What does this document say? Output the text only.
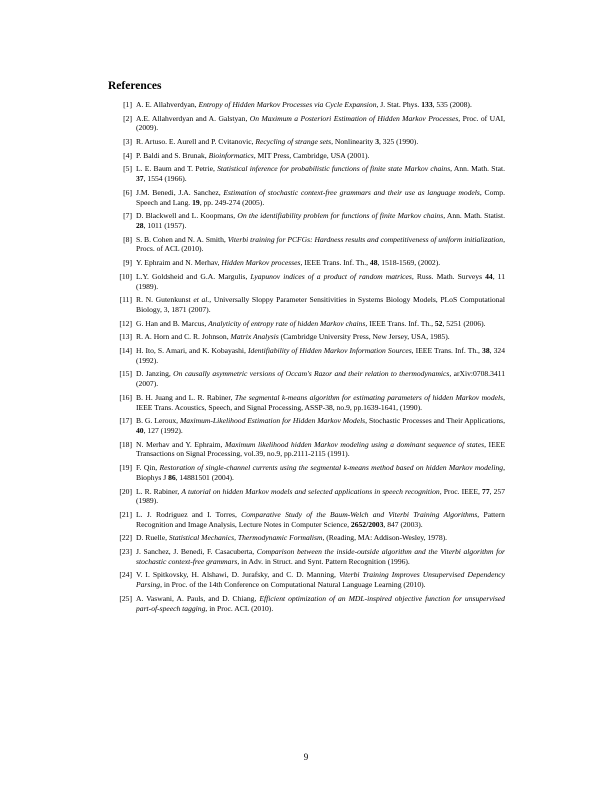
References
[1] A. E. Allahverdyan, Entropy of Hidden Markov Processes via Cycle Expansion, J. Stat. Phys. 133, 535 (2008).
[2] A.E. Allahverdyan and A. Galstyan, On Maximum a Posteriori Estimation of Hidden Markov Processes, Proc. of UAI, (2009).
[3] R. Artuso. E. Aurell and P. Cvitanovic, Recycling of strange sets, Nonlinearity 3, 325 (1990).
[4] P. Baldi and S. Brunak, Bioinformatics, MIT Press, Cambridge, USA (2001).
[5] L. E. Baum and T. Petrie, Statistical inference for probabilistic functions of finite state Markov chains, Ann. Math. Stat. 37, 1554 (1966).
[6] J.M. Benedi, J.A. Sanchez, Estimation of stochastic context-free grammars and their use as language models, Comp. Speech and Lang. 19, pp. 249-274 (2005).
[7] D. Blackwell and L. Koopmans, On the identifiability problem for functions of finite Markov chains, Ann. Math. Statist. 28, 1011 (1957).
[8] S. B. Cohen and N. A. Smith, Viterbi training for PCFGs: Hardness results and competitiveness of uniform initialization, Procs. of ACL (2010).
[9] Y. Ephraim and N. Merhav, Hidden Markov processes, IEEE Trans. Inf. Th., 48, 1518-1569, (2002).
[10] L.Y. Goldsheid and G.A. Margulis, Lyapunov indices of a product of random matrices, Russ. Math. Surveys 44, 11 (1989).
[11] R. N. Gutenkunst et al., Universally Sloppy Parameter Sensitivities in Systems Biology Models, PLoS Computational Biology, 3, 1871 (2007).
[12] G. Han and B. Marcus, Analyticity of entropy rate of hidden Markov chains, IEEE Trans. Inf. Th., 52, 5251 (2006).
[13] R. A. Horn and C. R. Johnson, Matrix Analysis (Cambridge University Press, New Jersey, USA, 1985).
[14] H. Ito, S. Amari, and K. Kobayashi, Identifiability of Hidden Markov Information Sources, IEEE Trans. Inf. Th., 38, 324 (1992).
[15] D. Janzing, On causally asymmetric versions of Occam's Razor and their relation to thermodynamics, arXiv:0708.3411 (2007).
[16] B. H. Juang and L. R. Rabiner, The segmental k-means algorithm for estimating parameters of hidden Markov models, IEEE Trans. Acoustics, Speech, and Signal Processing, ASSP-38, no.9, pp.1639-1641, (1990).
[17] B. G. Leroux, Maximum-Likelihood Estimation for Hidden Markov Models, Stochastic Processes and Their Applications, 40, 127 (1992).
[18] N. Merhav and Y. Ephraim, Maximum likelihood hidden Markov modeling using a dominant sequence of states, IEEE Transactions on Signal Processing, vol.39, no.9, pp.2111-2115 (1991).
[19] F. Qin, Restoration of single-channel currents using the segmental k-means method based on hidden Markov modeling, Biophys J 86, 14881501 (2004).
[20] L. R. Rabiner, A tutorial on hidden Markov models and selected applications in speech recognition, Proc. IEEE, 77, 257 (1989).
[21] L. J. Rodriguez and I. Torres, Comparative Study of the Baum-Welch and Viterbi Training Algorithms, Pattern Recognition and Image Analysis, Lecture Notes in Computer Science, 2652/2003, 847 (2003).
[22] D. Ruelle, Statistical Mechanics, Thermodynamic Formalism, (Reading, MA: Addison-Wesley, 1978).
[23] J. Sanchez, J. Benedi, F. Casacuberta, Comparison between the inside-outside algorithm and the Viterbi algorithm for stochastic context-free grammars, in Adv. in Struct. and Synt. Pattern Recognition (1996).
[24] V. I. Spitkovsky, H. Alshawi, D. Jurafsky, and C. D. Manning, Viterbi Training Improves Unsupervised Dependency Parsing, in Proc. of the 14th Conference on Computational Natural Language Learning (2010).
[25] A. Vaswani, A. Pauls, and D. Chiang, Efficient optimization of an MDL-inspired objective function for unsupervised part-of-speech tagging, in Proc. ACL (2010).
9
